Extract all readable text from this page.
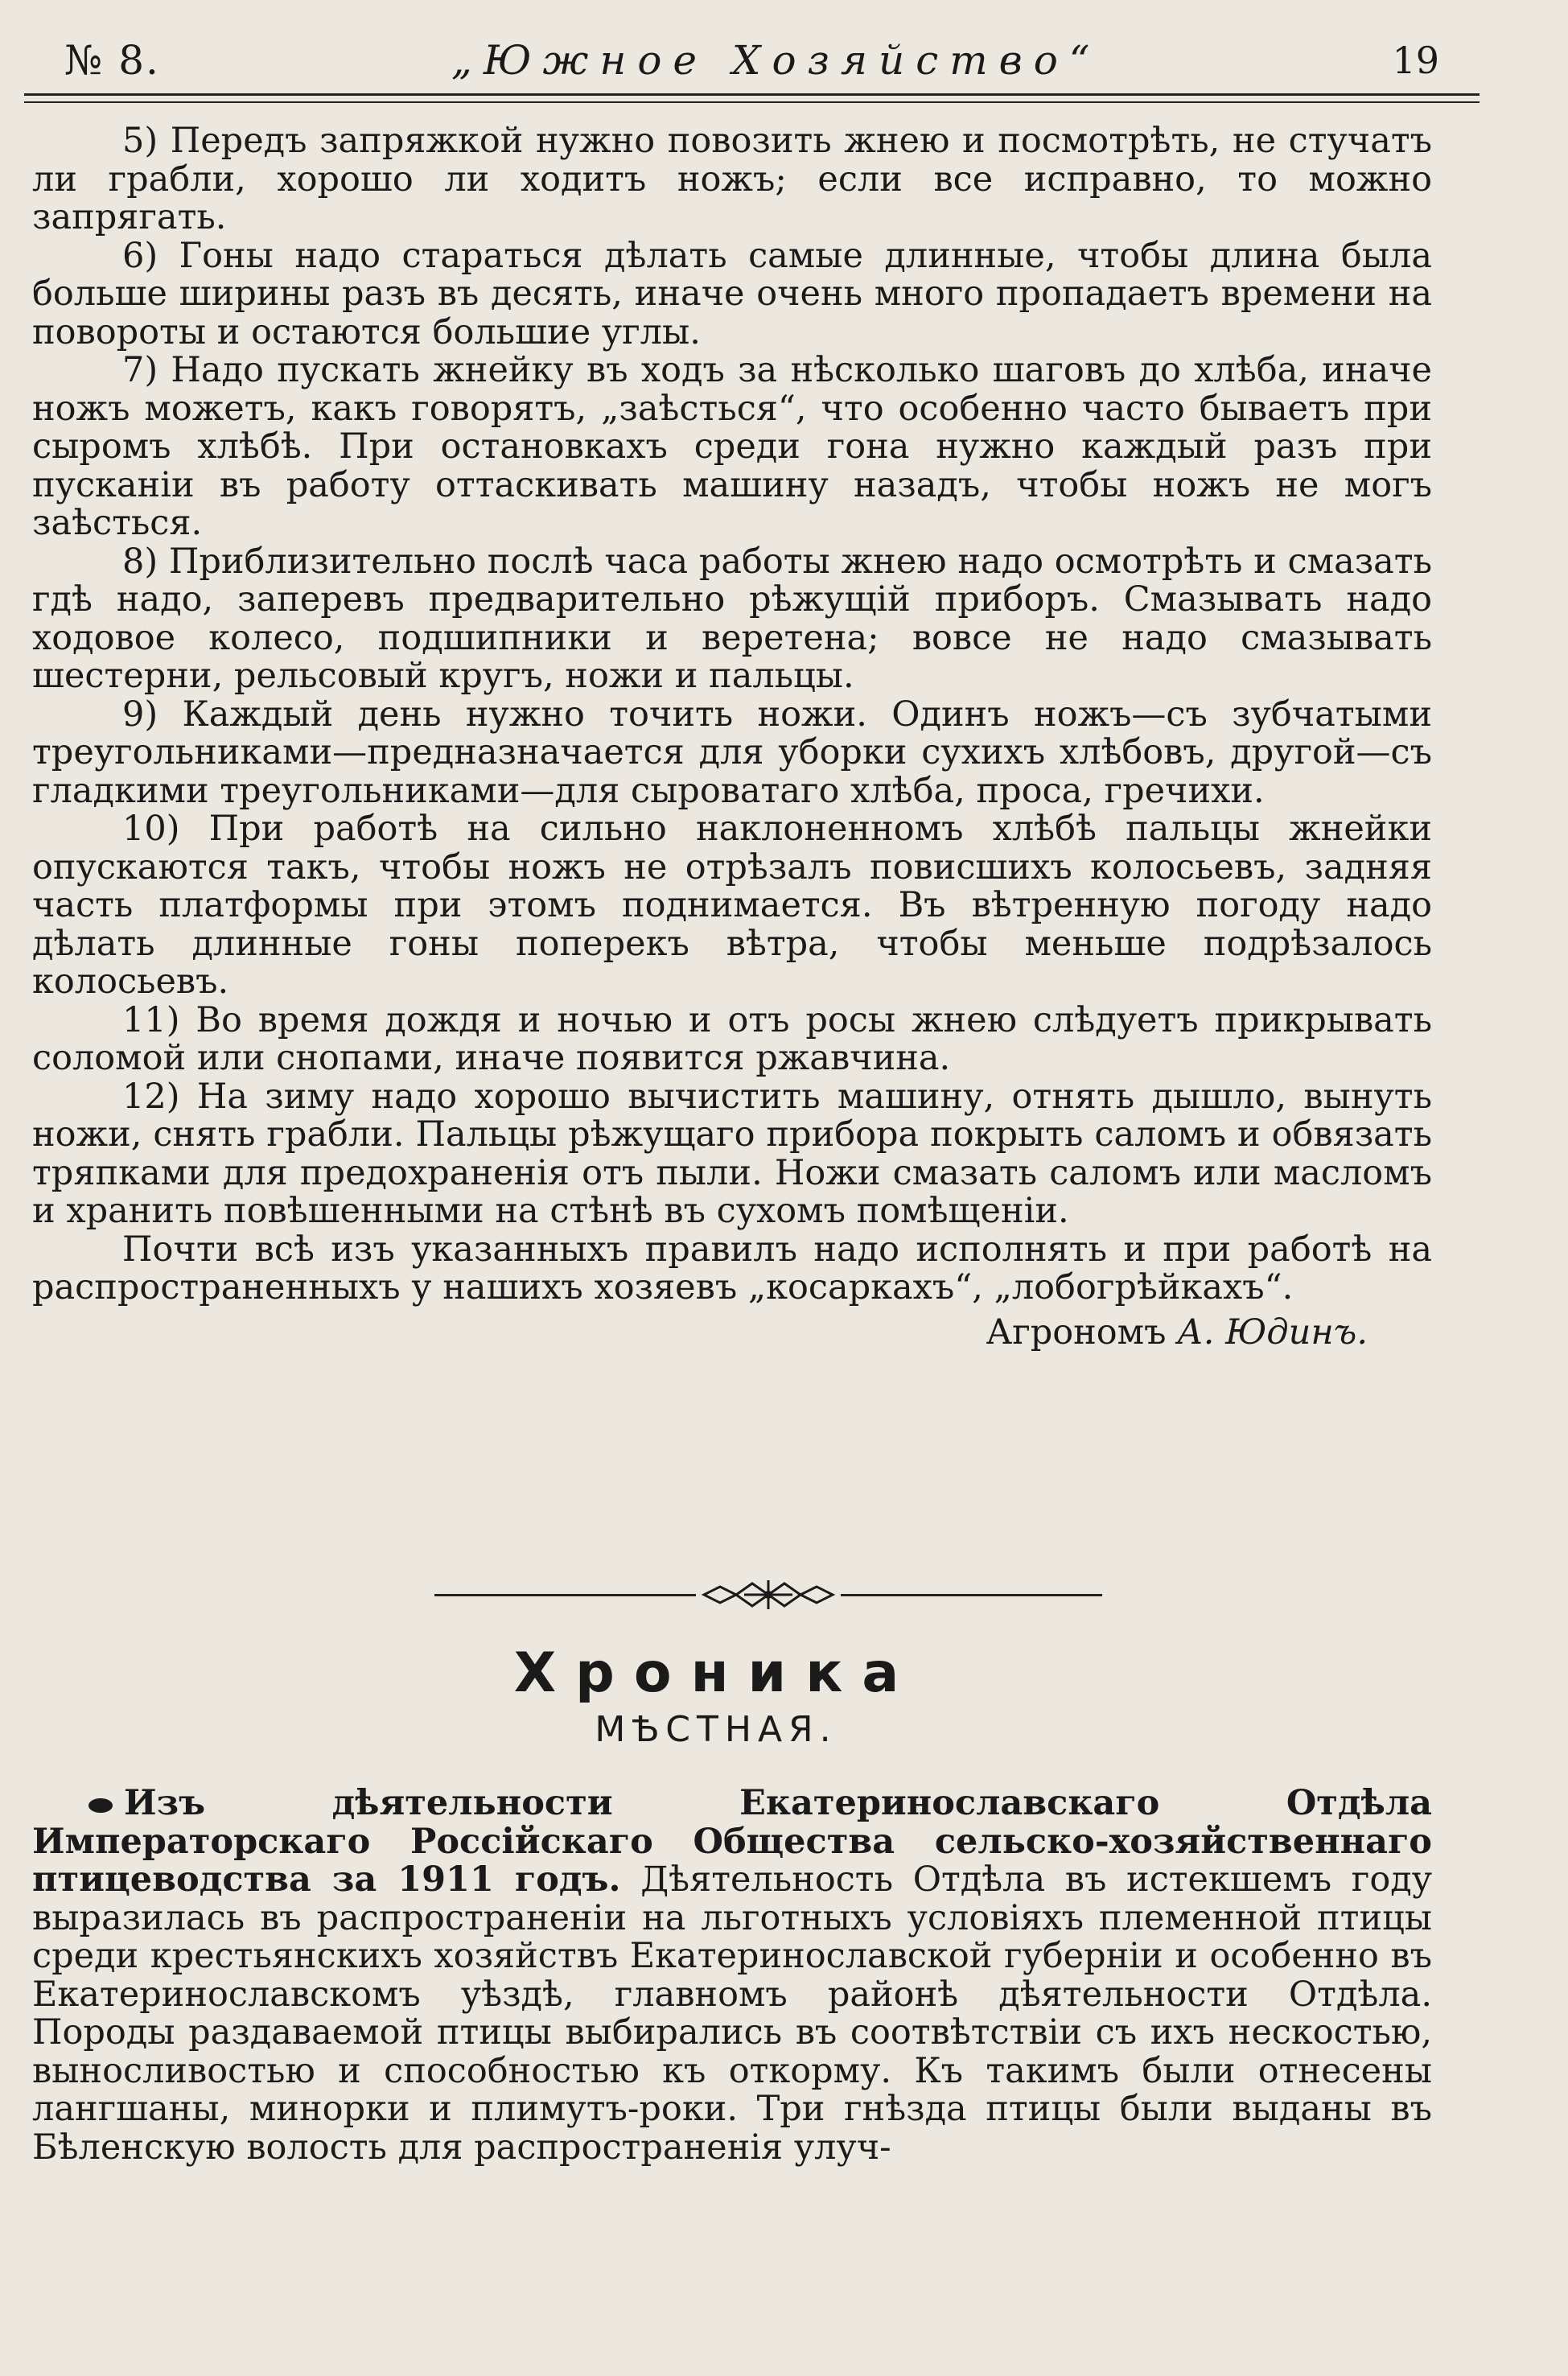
№ 8.	„Южное Хозяйство“	19

5) Передъ запряжкой нужно повозить жнею и посмотрѣть, не стучатъ ли грабли, хорошо ли ходитъ ножъ; если все исправно, то можно запрягать.

6) Гоны надо стараться дѣлать самые длинные, чтобы длина была больше ширины разъ въ десять, иначе очень много пропадаетъ времени на повороты и остаются большие углы.

7) Надо пускать жнейку въ ходъ за нѣсколько шаговъ до хлѣба, иначе ножъ можетъ, какъ говорятъ, „заѣсться“, что особенно часто бываетъ при сыромъ хлѣбѣ. При остановкахъ среди гона нужно каждый разъ при пусканіи въ работу оттаскивать машину назадъ, чтобы ножъ не могъ заѣсться.

8) Приблизительно послѣ часа работы жнею надо осмотрѣть и смазать гдѣ надо, заперевъ предварительно рѣжущій приборъ. Смазывать надо ходовое колесо, подшипники и веретена; вовсе не надо смазывать шестерни, рельсовый кругъ, ножи и пальцы.

9) Каждый день нужно точить ножи. Одинъ ножъ—съ зубчатыми треугольниками—предназначается для уборки сухихъ хлѣбовъ, другой—съ гладкими треугольниками—для сыроватаго хлѣба, проса, гречихи.

10) При работѣ на сильно наклоненномъ хлѣбѣ пальцы жнейки опускаются такъ, чтобы ножъ не отрѣзалъ повисшихъ колосьевъ, задняя часть платформы при этомъ поднимается. Въ вѣтренную погоду надо дѣлать длинные гоны поперекъ вѣтра, чтобы меньше подрѣзалось колосьевъ.

11) Во время дождя и ночью и отъ росы жнею слѣдуетъ прикрывать соломой или снопами, иначе появится ржавчина.

12) На зиму надо хорошо вычистить машину, отнять дышло, вынуть ножи, снять грабли. Пальцы рѣжущаго прибора покрыть саломъ и обвязать тряпками для предохраненія отъ пыли. Ножи смазать саломъ или масломъ и хранить повѣшенными на стѣнѣ въ сухомъ помѣщеніи.

Почти всѣ изъ указанныхъ правилъ надо исполнять и при работѣ на распространенныхъ у нашихъ хозяевъ „косаркахъ“, „лобогрѣйкахъ“.

Агрономъ А. Юдинъ.
Хроника
МѢСТНАЯ.

Изъ дѣятельности Екатеринославскаго Отдѣла Императорскаго Россійскаго Общества сельско-хозяйственнаго птицеводства за 1911 годъ. Дѣятельность Отдѣла въ истекшемъ году выразилась въ распространеніи на льготныхъ условіяхъ племенной птицы среди крестьянскихъ хозяйствъ Екатеринославской губерніи и особенно въ Екатеринославскомъ уѣздѣ, главномъ районѣ дѣятельности Отдѣла. Породы раздаваемой птицы выбирались въ соотвѣтствіи съ ихъ нескостью, выносливостью и способностью къ откорму. Къ такимъ были отнесены лангшаны, минорки и плимутъ-роки. Три гнѣзда птицы были выданы въ Бѣленскую волость для распространенія улуч-
